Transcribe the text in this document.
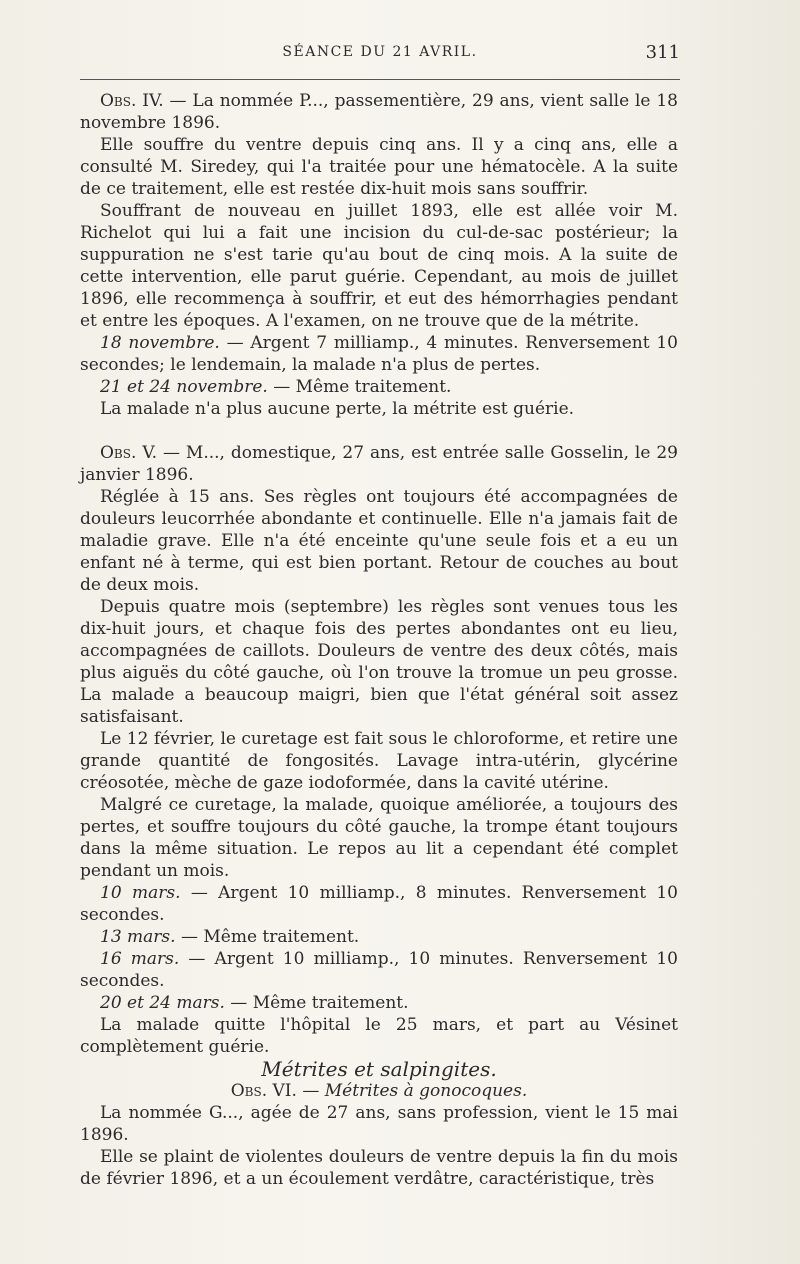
SÉANCE DU 21 AVRIL.	311

Obs. IV. — La nommée P..., passementière, 29 ans, vient salle le 18 novembre 1896.

Elle souffre du ventre depuis cinq ans. Il y a cinq ans, elle a consulté M. Siredey, qui l'a traitée pour une hématocèle. A la suite de ce traitement, elle est restée dix-huit mois sans souffrir.

Souffrant de nouveau en juillet 1893, elle est allée voir M. Richelot qui lui a fait une incision du cul-de-sac postérieur; la suppuration ne s'est tarie qu'au bout de cinq mois. A la suite de cette intervention, elle parut guérie. Cependant, au mois de juillet 1896, elle recommença à souffrir, et eut des hémorrhagies pendant et entre les époques. A l'examen, on ne trouve que de la métrite.

18 novembre. — Argent 7 milliamp., 4 minutes. Renversement 10 secondes; le lendemain, la malade n'a plus de pertes.

21 et 24 novembre. — Même traitement.

La malade n'a plus aucune perte, la métrite est guérie.

Obs. V. — M..., domestique, 27 ans, est entrée salle Gosselin, le 29 janvier 1896.

Réglée à 15 ans. Ses règles ont toujours été accompagnées de douleurs leucorrhée abondante et continuelle. Elle n'a jamais fait de maladie grave. Elle n'a été enceinte qu'une seule fois et a eu un enfant né à terme, qui est bien portant. Retour de couches au bout de deux mois.

Depuis quatre mois (septembre) les règles sont venues tous les dix-huit jours, et chaque fois des pertes abondantes ont eu lieu, accompagnées de caillots. Douleurs de ventre des deux côtés, mais plus aiguës du côté gauche, où l'on trouve la tromue un peu grosse. La malade a beaucoup maigri, bien que l'état général soit assez satisfaisant.

Le 12 février, le curetage est fait sous le chloroforme, et retire une grande quantité de fongosités. Lavage intra-utérin, glycérine créosotée, mèche de gaze iodoformée, dans la cavité utérine.

Malgré ce curetage, la malade, quoique améliorée, a toujours des pertes, et souffre toujours du côté gauche, la trompe étant toujours dans la même situation. Le repos au lit a cependant été complet pendant un mois.

10 mars. — Argent 10 milliamp., 8 minutes. Renversement 10 secondes.

13 mars. — Même traitement.

16 mars. — Argent 10 milliamp., 10 minutes. Renversement 10 secondes.

20 et 24 mars. — Même traitement.

La malade quitte l'hôpital le 25 mars, et part au Vésinet complètement guérie.

Métrites et salpingites.

Obs. VI. — Métrites à gonocoques.

La nommée G..., agée de 27 ans, sans profession, vient le 15 mai 1896.

Elle se plaint de violentes douleurs de ventre depuis la fin du mois de février 1896, et a un écoulement verdâtre, caractéristique, très
